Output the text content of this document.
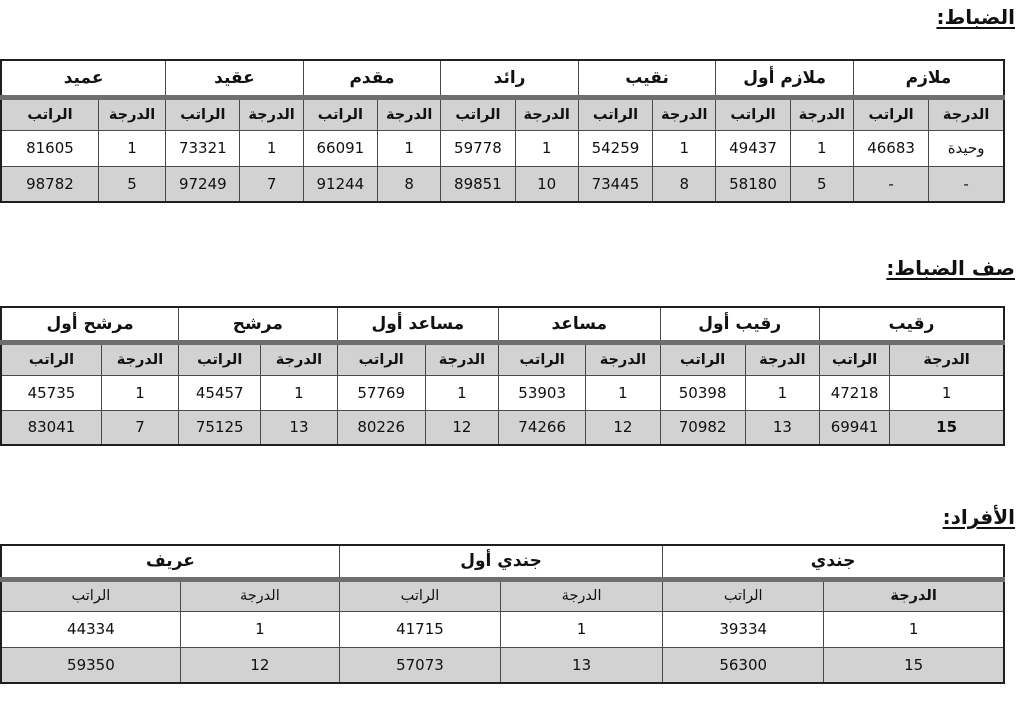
الضباط:
ملازم		ملازم أول		نقيب		رائد		مقدم		عقيد		عميد	
الدرجة	الراتب	الدرجة	الراتب	الدرجة	الراتب	الدرجة	الراتب	الدرجة	الراتب	الدرجة	الراتب	الدرجة	الراتب
وحيدة	46683	1	49437	1	54259	1	59778	1	66091	1	73321	1	81605
-	-	5	58180	8	73445	10	89851	8	91244	7	97249	5	98782
صف الضباط:
رقيب		رقيب أول		مساعد		مساعد أول		مرشح		مرشح أول	
الدرجة	الراتب	الدرجة	الراتب	الدرجة	الراتب	الدرجة	الراتب	الدرجة	الراتب	الدرجة	الراتب
1	47218	1	50398	1	53903	1	57769	1	45457	1	45735
15	69941	13	70982	12	74266	12	80226	13	75125	7	83041
الأفراد:
جندي		جندي أول		عريف	
الدرجة	الراتب	الدرجة	الراتب	الدرجة	الراتب
1	39334	1	41715	1	44334
15	56300	13	57073	12	59350
